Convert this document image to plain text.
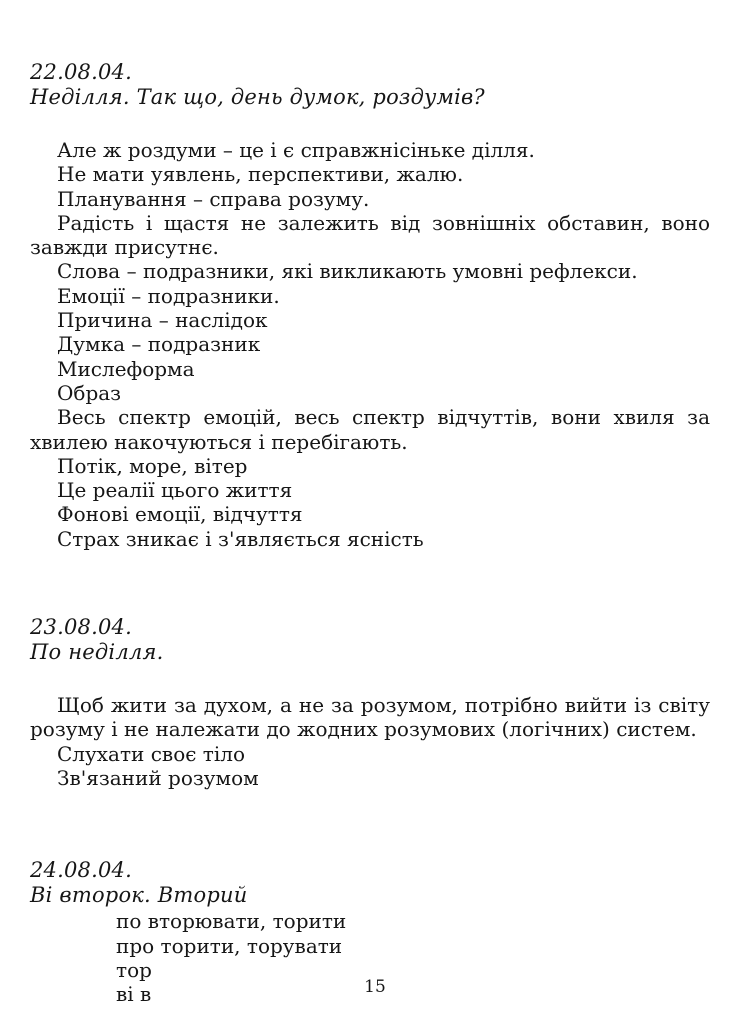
22.08.04.
Неділля. Так що, день думок, роздумів?

Але ж роздуми – це і є справжнісінькe ділля.

Не мати уявлень, перспективи, жалю.

Планування – справа розуму.

Радість і щастя не залежить від зовнішніх обставин, воно завжди присутнє.

Слова – подразники, які викликають умовні рефлекси.

Емоції – подразники.

Причина – наслідок

Думка – подразник

Мислеформа

Образ

Весь спектр емоцій, весь спектр відчуттів, вони хвиля за хвилею накочуються і перебігають.

Потік, море, вітер

Це реалії цього життя

Фонові емоції, відчуття

Страх зникає і з'являється ясність

23.08.04.
По неділля.

Щоб жити за духом, а не за розумом, потрібно вийти із світу розуму і не належати до жодних розумових (логічних) систем.

Слухати своє тіло

Зв'язаний розумом

24.08.04.
Ві второк. Вторий
по вторювати, торити
про торити, торувати
тор
ві в	15
